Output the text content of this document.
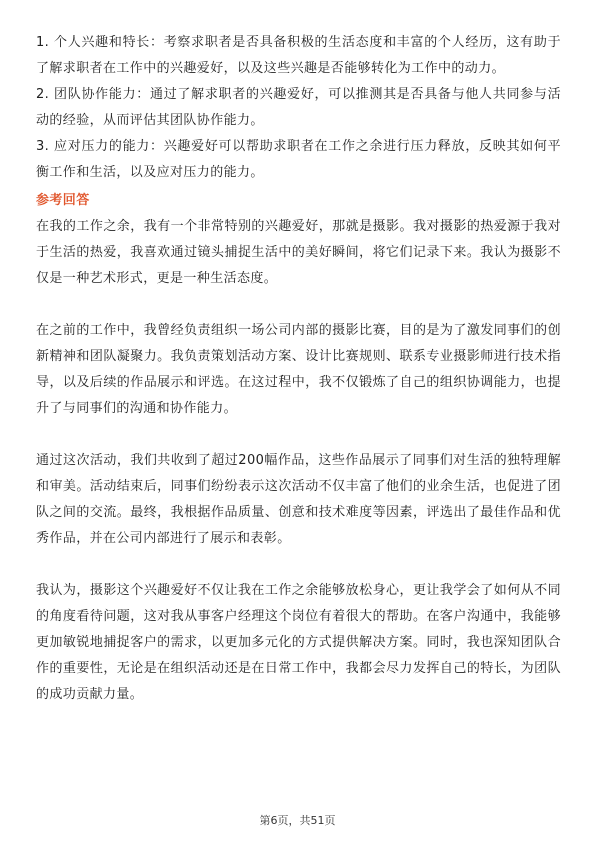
1. 个人兴趣和特长：考察求职者是否具备积极的生活态度和丰富的个人经历，这有助于了解求职者在工作中的兴趣爱好，以及这些兴趣是否能够转化为工作中的动力。

2. 团队协作能力：通过了解求职者的兴趣爱好，可以推测其是否具备与他人共同参与活动的经验，从而评估其团队协作能力。

3. 应对压力的能力：兴趣爱好可以帮助求职者在工作之余进行压力释放，反映其如何平衡工作和生活，以及应对压力的能力。

参考回答

在我的工作之余，我有一个非常特别的兴趣爱好，那就是摄影。我对摄影的热爱源于我对于生活的热爱，我喜欢通过镜头捕捉生活中的美好瞬间，将它们记录下来。我认为摄影不仅是一种艺术形式，更是一种生活态度。

在之前的工作中，我曾经负责组织一场公司内部的摄影比赛，目的是为了激发同事们的创新精神和团队凝聚力。我负责策划活动方案、设计比赛规则、联系专业摄影师进行技术指导，以及后续的作品展示和评选。在这过程中，我不仅锻炼了自己的组织协调能力，也提升了与同事们的沟通和协作能力。

通过这次活动，我们共收到了超过200幅作品，这些作品展示了同事们对生活的独特理解和审美。活动结束后，同事们纷纷表示这次活动不仅丰富了他们的业余生活，也促进了团队之间的交流。最终，我根据作品质量、创意和技术难度等因素，评选出了最佳作品和优秀作品，并在公司内部进行了展示和表彰。

我认为，摄影这个兴趣爱好不仅让我在工作之余能够放松身心，更让我学会了如何从不同的角度看待问题，这对我从事客户经理这个岗位有着很大的帮助。在客户沟通中，我能够更加敏锐地捕捉客户的需求，以更加多元化的方式提供解决方案。同时，我也深知团队合作的重要性，无论是在组织活动还是在日常工作中，我都会尽力发挥自己的特长，为团队的成功贡献力量。

第6页，共51页
